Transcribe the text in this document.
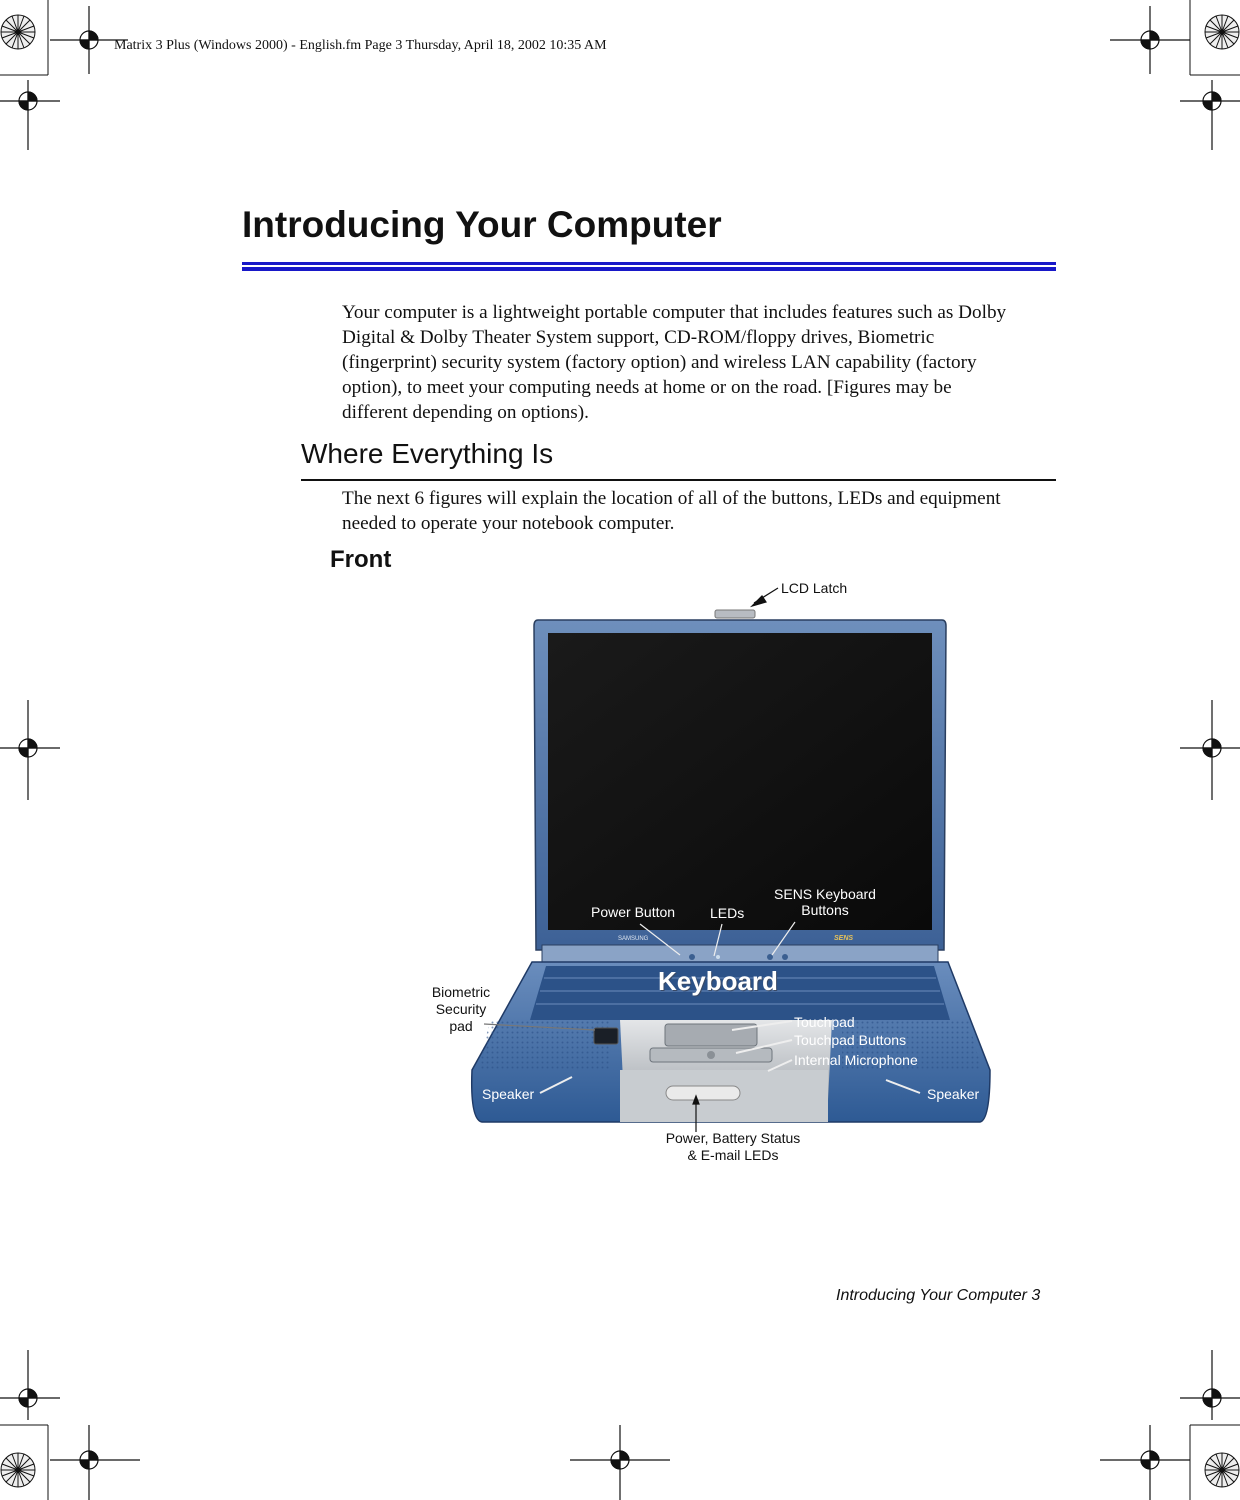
Matrix 3 Plus (Windows 2000) - English.fm Page 3 Thursday, April 18, 2002 10:35 AM
Introducing Your Computer
Your computer is a lightweight portable computer that includes features such as Dolby
Digital & Dolby Theater System support, CD-ROM/floppy drives, Biometric
(fingerprint) security system (factory option) and wireless LAN capability (factory
option), to meet your computing needs at home or on the road. [Figures may be
different depending on options).
Where Everything Is
The next 6 figures will explain the location of all of the buttons, LEDs and equipment
needed to operate your notebook computer.
Front
SAMSUNG	SENS
LCD Latch
Power Button LEDs
SENS Keyboard
Buttons
Keyboard
Biometric
Security
pad	Touchpad
Touchpad Buttons
Internal Microphone
Speaker	Speaker
Power, Battery Status
& E-mail LEDs
Introducing Your Computer 3
